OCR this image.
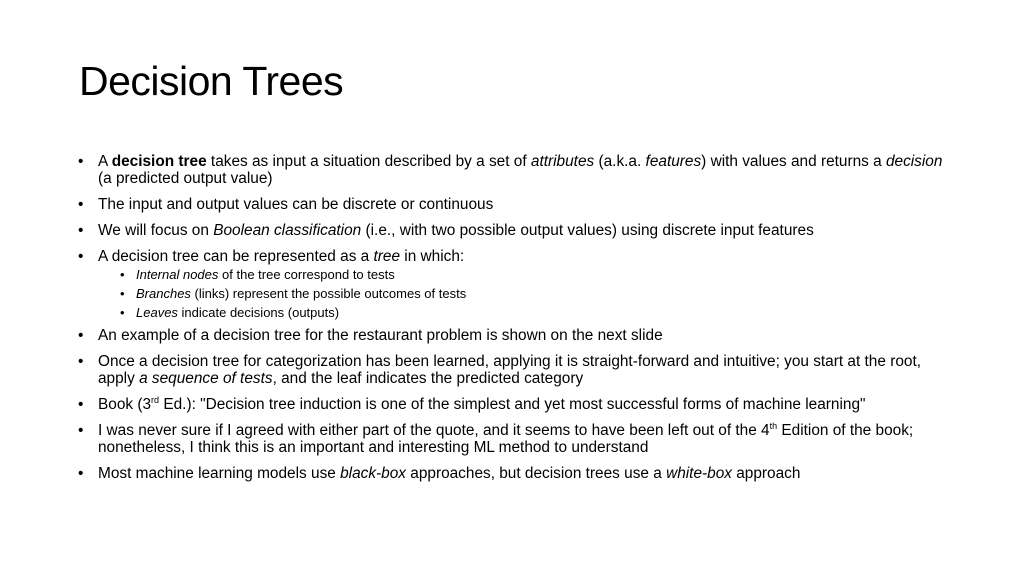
Decision Trees
• A decision tree takes as input a situation described by a set of attributes (a.k.a. features) with values and returns a decision (a predicted output value)
• The input and output values can be discrete or continuous
• We will focus on Boolean classification (i.e., with two possible output values) using discrete input features
• A decision tree can be represented as a tree in which:
• Internal nodes of the tree correspond to tests
• Branches (links) represent the possible outcomes of tests
• Leaves indicate decisions (outputs)
• An example of a decision tree for the restaurant problem is shown on the next slide
• Once a decision tree for categorization has been learned, applying it is straight-forward and intuitive; you start at the root, apply a sequence of tests, and the leaf indicates the predicted category
• Book (3rd Ed.): "Decision tree induction is one of the simplest and yet most successful forms of machine learning"
• I was never sure if I agreed with either part of the quote, and it seems to have been left out of the 4th Edition of the book; nonetheless, I think this is an important and interesting ML method to understand
• Most machine learning models use black-box approaches, but decision trees use a white-box approach
